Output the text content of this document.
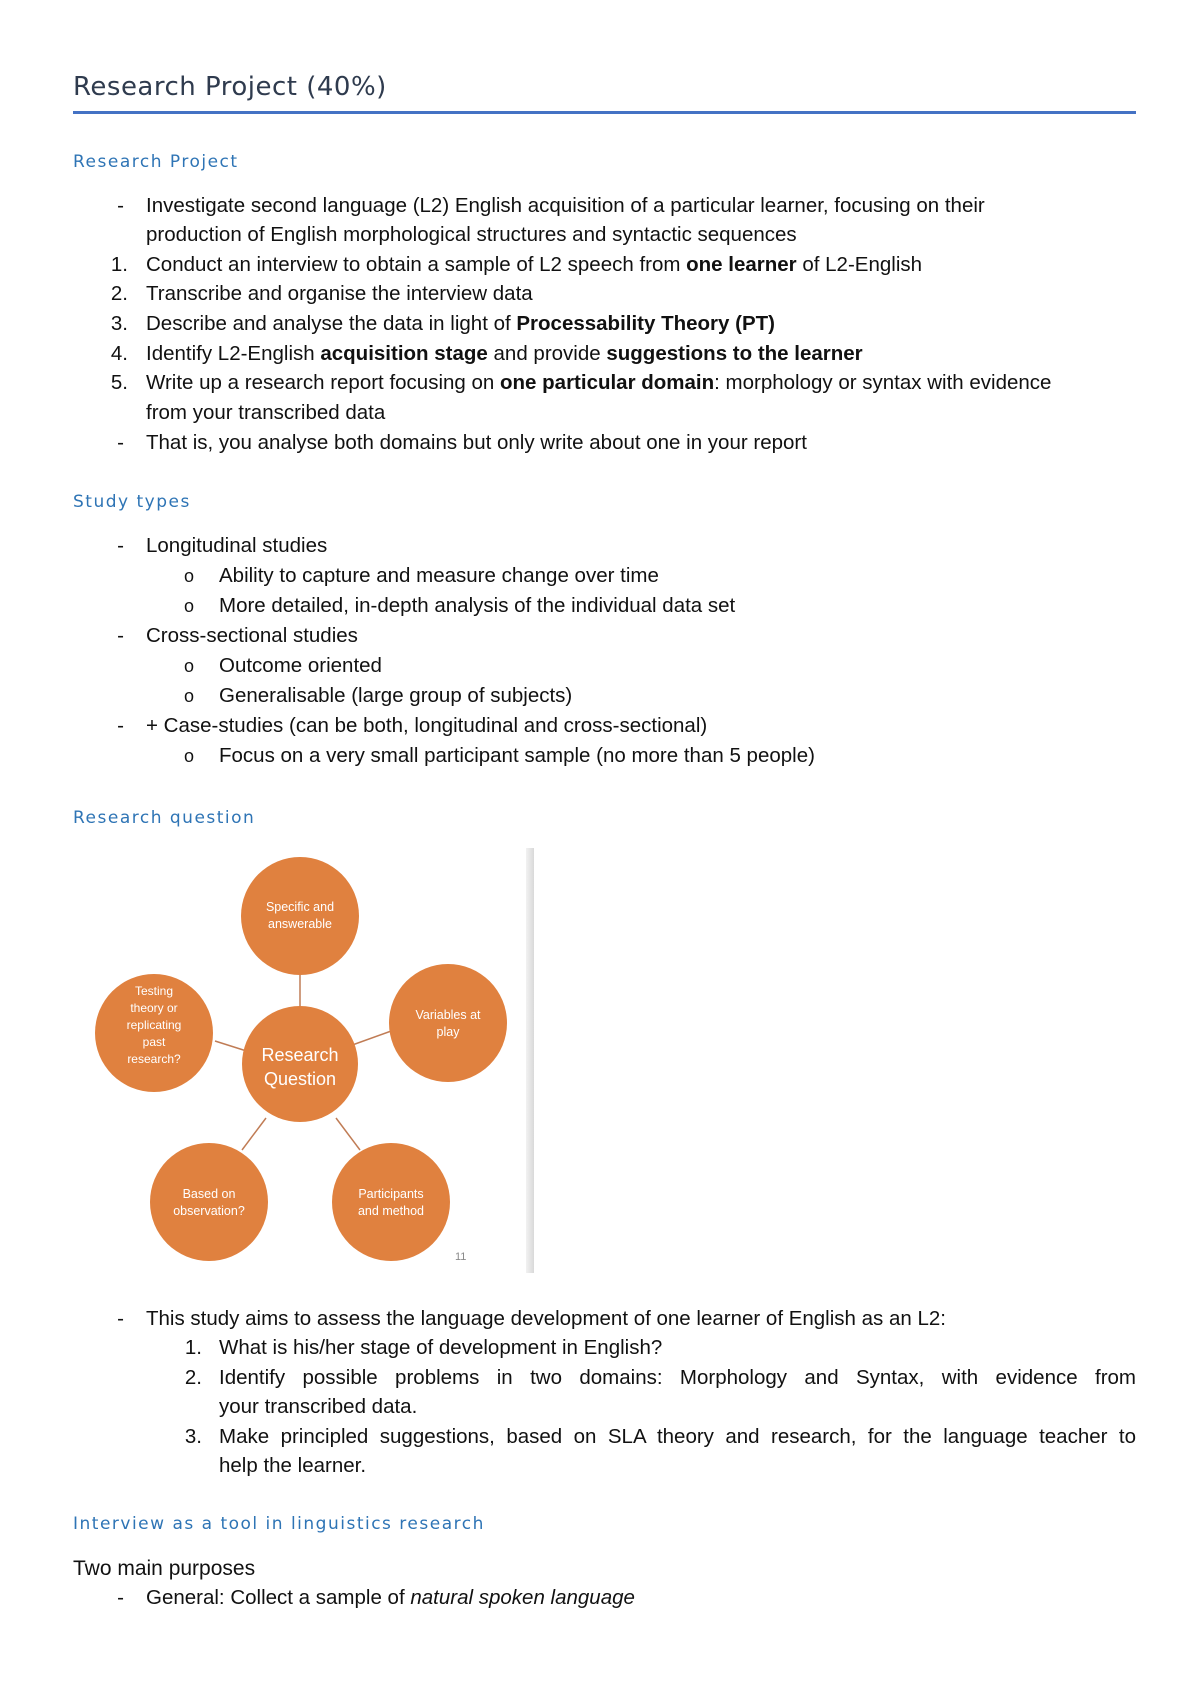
Research Project (40%)
Research Project
- Investigate second language (L2) English acquisition of a particular learner, focusing on their
production of English morphological structures and syntactic sequences
1. Conduct an interview to obtain a sample of L2 speech from one learner of L2-English
2. Transcribe and organise the interview data
3. Describe and analyse the data in light of Processability Theory (PT)
4. Identify L2-English acquisition stage and provide suggestions to the learner
5. Write up a research report focusing on one particular domain: morphology or syntax with evidence
from your transcribed data
- That is, you analyse both domains but only write about one in your report
Study types
- Longitudinal studies
o Ability to capture and measure change over time
o More detailed, in-depth analysis of the individual data set
- Cross-sectional studies
o Outcome oriented
o Generalisable (large group of subjects)
- + Case-studies (can be both, longitudinal and cross-sectional)
o Focus on a very small participant sample (no more than 5 people)
Research question
Research
Question
Specific and
answerable
Variables at
play
Participants
and method
Based on
observation?
Testing
theory or
replicating
past
research?
11
- This study aims to assess the language development of one learner of English as an L2:
1. What is his/her stage of development in English?
2. Identify possible problems in two domains: Morphology and Syntax, with evidence from
your transcribed data.
3. Make principled suggestions, based on SLA theory and research, for the language teacher to
help the learner.
Interview as a tool in linguistics research
Two main purposes
- General: Collect a sample of natural spoken language
